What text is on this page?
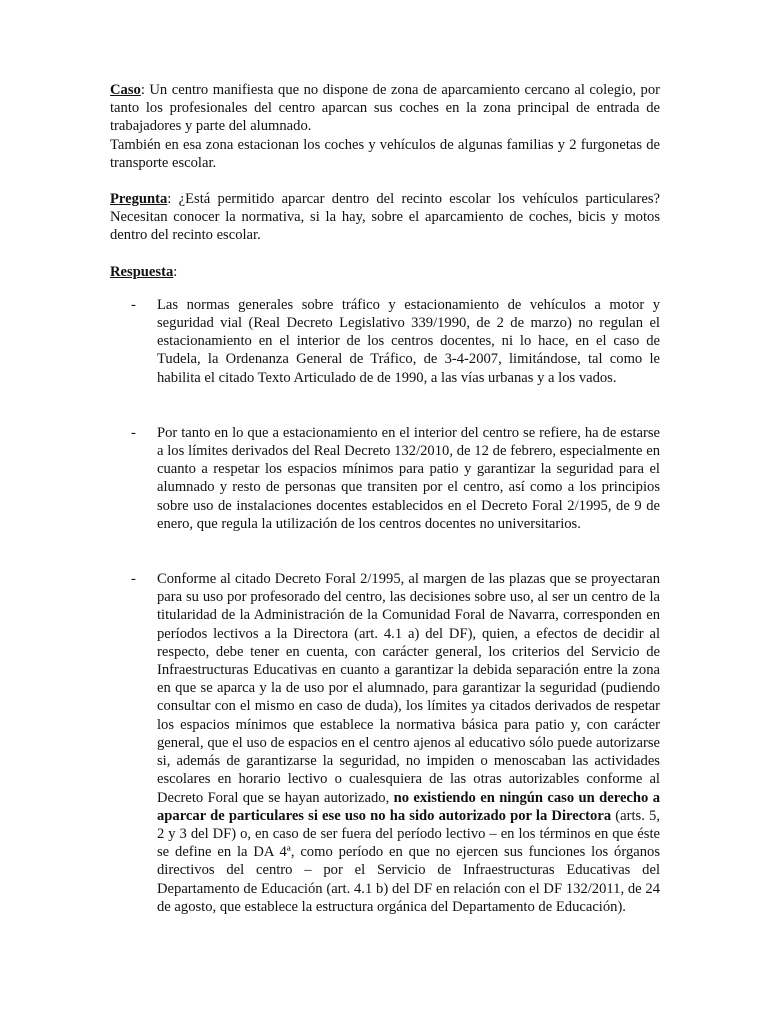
Caso: Un centro manifiesta que no dispone de zona de aparcamiento cercano al colegio, por tanto los profesionales del centro aparcan sus coches en la zona principal de entrada de trabajadores y parte del alumnado.
También en esa zona estacionan los coches y vehículos de algunas familias y 2 furgonetas de transporte escolar.

Pregunta: ¿Está permitido aparcar dentro del recinto escolar los vehículos particulares? Necesitan conocer la normativa, si la hay, sobre el aparcamiento de coches, bicis y motos dentro del recinto escolar.

Respuesta:

- Las normas generales sobre tráfico y estacionamiento de vehículos a motor y seguridad vial (Real Decreto Legislativo 339/1990, de 2 de marzo) no regulan el estacionamiento en el interior de los centros docentes, ni lo hace, en el caso de Tudela, la Ordenanza General de Tráfico, de 3-4-2007, limitándose, tal como le habilita el citado Texto Articulado de de 1990, a las vías urbanas y a los vados.
- Por tanto en lo que a estacionamiento en el interior del centro se refiere, ha de estarse a los límites derivados del Real Decreto 132/2010, de 12 de febrero, especialmente en cuanto a respetar los espacios mínimos para patio y garantizar la seguridad para el alumnado y resto de personas que transiten por el centro, así como a los principios sobre uso de instalaciones docentes establecidos en el Decreto Foral 2/1995, de 9 de enero, que regula la utilización de los centros docentes no universitarios.
- Conforme al citado Decreto Foral 2/1995, al margen de las plazas que se proyectaran para su uso por profesorado del centro, las decisiones sobre uso, al ser un centro de la titularidad de la Administración de la Comunidad Foral de Navarra, corresponden en períodos lectivos a la Directora (art. 4.1 a) del DF), quien, a efectos de decidir al respecto, debe tener en cuenta, con carácter general, los criterios del Servicio de Infraestructuras Educativas en cuanto a garantizar la debida separación entre la zona en que se aparca y la de uso por el alumnado, para garantizar la seguridad (pudiendo consultar con el mismo en caso de duda), los límites ya citados derivados de respetar los espacios mínimos que establece la normativa básica para patio y, con carácter general, que el uso de espacios en el centro ajenos al educativo sólo puede autorizarse si, además de garantizarse la seguridad, no impiden o menoscaban las actividades escolares en horario lectivo o cualesquiera de las otras autorizables conforme al Decreto Foral que se hayan autorizado, no existiendo en ningún caso un derecho a aparcar de particulares si ese uso no ha sido autorizado por la Directora (arts. 5, 2 y 3 del DF) o, en caso de ser fuera del período lectivo – en los términos en que éste se define en la DA 4ª, como período en que no ejercen sus funciones los órganos directivos del centro – por el Servicio de Infraestructuras Educativas del Departamento de Educación (art. 4.1 b) del DF en relación con el DF 132/2011, de 24 de agosto, que establece la estructura orgánica del Departamento de Educación).
